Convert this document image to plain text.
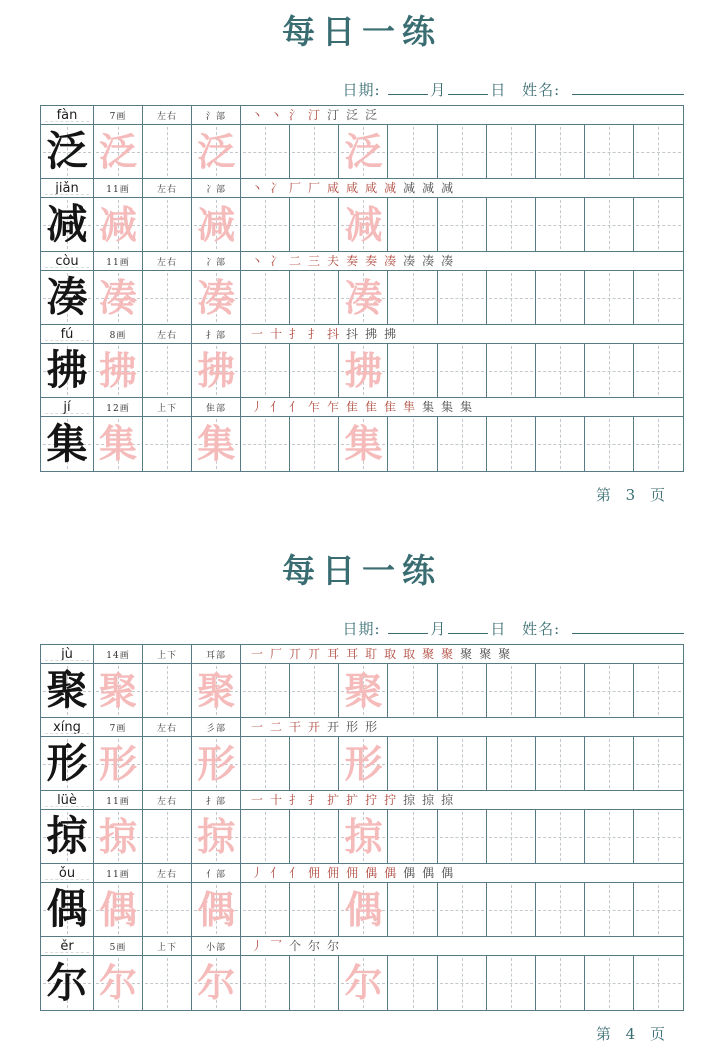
每日一练
日期:	月	日 姓名:
fàn	7画	左右	氵部	丶 丶 氵 汀 汀 泛 泛
泛 泛 泛	泛
jiǎn	11画	左右	冫部	丶 冫 厂 厂 咸 咸 咸 减 减 减 减
减 减 减	减
còu	11画	左右	冫部	丶 冫 二 三 夫 奏 奏 凑 凑 凑 凑
凑 凑 凑	凑
fú	8画	左右	扌部	一 十 扌 扌 抖 抖 拂 拂
拂 拂 拂	拂
jí	12画	上下	隹部	丿 亻 亻 乍 乍 隹 隹 隹 隼 集 集 集
集 集 集	集
第 3 页
每日一练
日期:	月	日 姓名:
jù	14画	上下	耳部	一 厂 丌 丌 耳 耳 耵 取 取 聚 聚 聚 聚 聚
聚 聚 聚	聚
xíng	7画	左右	彡部	一 二 干 开 开 形 形
形 形 形	形
lüè	11画	左右	扌部	一 十 扌 扌 扩 扩 拧 拧 掠 掠 掠
掠 掠 掠	掠
ǒu	11画	左右	亻部	丿 亻 亻 佣 佣 佣 偶 偶 偶 偶 偶
偶 偶 偶	偶
ěr	5画	上下	小部	丿 乛 个 尔 尔
尔 尔 尔	尔
第 4 页
